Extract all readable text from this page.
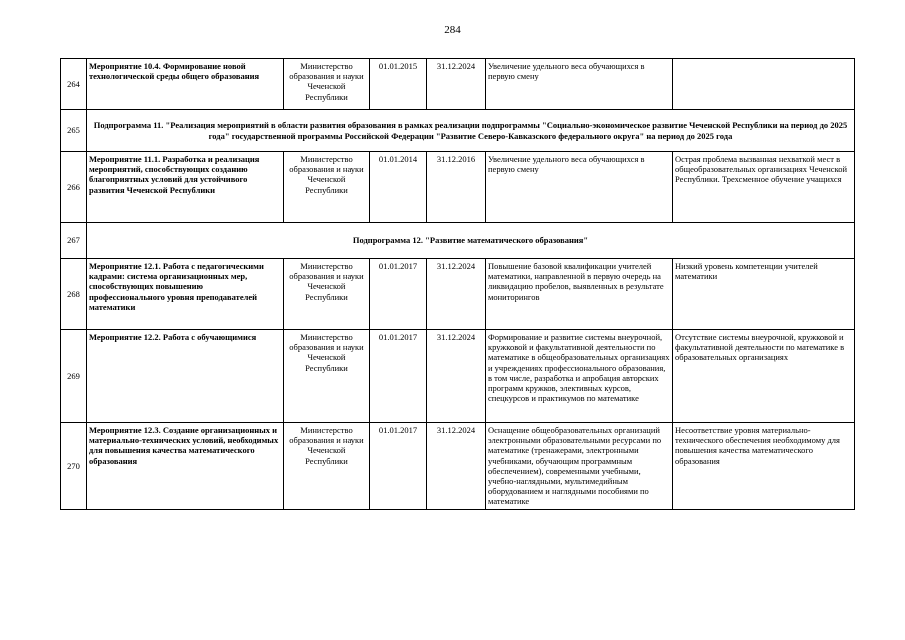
284
264	Мероприятие 10.4. Формирование новой технологической среды общего образования	Министерство образования и науки Чеченской Республики	01.01.2015	31.12.2024	Увеличение удельного веса обучающихся в первую смену	
265	Подпрограмма 11. "Реализация мероприятий в области развития образования в рамках реализации подпрограммы "Социально-экономическое развитие Чеченской Республики на период до 2025 года" государственной программы Российской Федерации "Развитие Северо-Кавказского федерального округа" на период до 2025 года					
266	Мероприятие 11.1. Разработка и реализация мероприятий, способствующих созданию благоприятных условий для устойчивого развития Чеченской Республики	Министерство образования и науки Чеченской Республики	01.01.2014	31.12.2016	Увеличение удельного веса обучающихся в первую смену	Острая проблема вызванная нехваткой мест в общеобразовательных организациях Чеченской Республики. Трехсменное обучение учащихся
267	Подпрограмма 12. "Развитие математического образования"					
268	Мероприятие 12.1. Работа с педагогическими кадрами: система организационных мер, способствующих повышению профессионального уровня преподавателей математики	Министерство образования и науки Чеченской Республики	01.01.2017	31.12.2024	Повышение базовой квалификации учителей математики, направленной в первую очередь на ликвидацию пробелов, выявленных в результате мониторингов	Низкий уровень компетенции учителей математики
269	Мероприятие 12.2. Работа с обучающимися	Министерство образования и науки Чеченской Республики	01.01.2017	31.12.2024	Формирование и развитие системы внеурочной, кружковой и факультативной деятельности по математике в общеобразовательных организациях и учреждениях профессионального образования, в том числе, разработка и апробация авторских программ кружков, элективных курсов, спецкурсов и практикумов по математике	Отсутствие системы внеурочной, кружковой и факультативной деятельности по математике в образовательных организациях
270	Мероприятие 12.3. Создание организационных и материально-технических условий, необходимых для повышения качества математического образования	Министерство образования и науки Чеченской Республики	01.01.2017	31.12.2024	Оснащение общеобразовательных организаций электронными образовательными ресурсами по математике (тренажерами, электронными учебниками, обучающим программным обеспечением), современными учебными, учебно-наглядными, мультимедийным оборудованием и наглядными пособиями по математике	Несоответствие уровня материально-технического обеспечения необходимому для повышения качества математического образования
